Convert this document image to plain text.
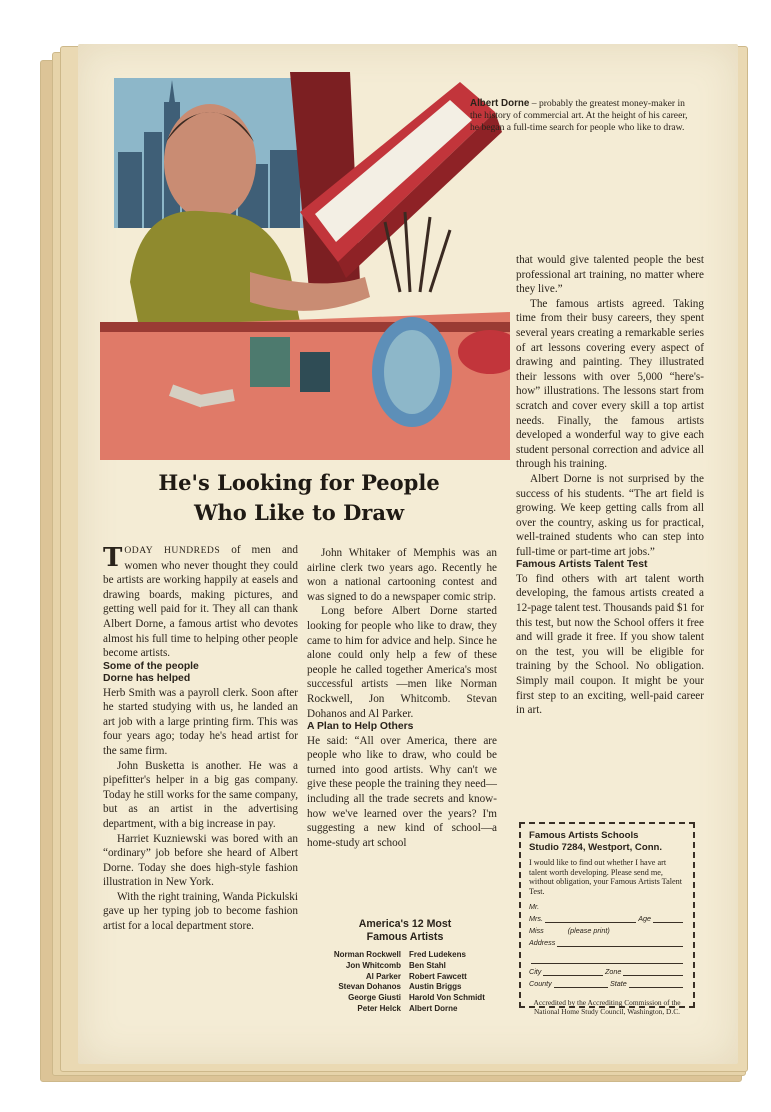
Albert Dorne – probably the greatest money-maker in the history of commercial art. At the height of his career, he began a full-time search for people who like to draw.

He's Looking for People
Who Like to Draw

TODAY HUNDREDS of men and women who never thought they could be artists are working happily at easels and drawing boards, making pictures, and getting well paid for it. They all can thank Albert Dorne, a famous artist who devotes almost his full time to helping other people become artists.

Some of the people
Dorne has helped

Herb Smith was a payroll clerk. Soon after he started studying with us, he landed an art job with a large printing firm. This was four years ago; today he's head artist for the same firm.

John Busketta is another. He was a pipefitter's helper in a big gas company. Today he still works for the same company, but as an artist in the advertising department, with a big increase in pay.

Harriet Kuzniewski was bored with an “ordinary” job before she heard of Albert Dorne. Today she does high-style fashion illustration in New York.

With the right training, Wanda Pickulski gave up her typing job to become fashion artist for a local department store.

John Whitaker of Memphis was an airline clerk two years ago. Recently he won a national cartooning contest and was signed to do a newspaper comic strip.

Long before Albert Dorne started looking for people who like to draw, they came to him for advice and help. Since he alone could only help a few of these people he called together America's most successful artists —men like Norman Rockwell, Jon Whitcomb. Stevan Dohanos and Al Parker.

A Plan to Help Others

He said: “All over America, there are people who like to draw, who could be turned into good artists. Why can't we give these people the training they need—including all the trade secrets and know-how we've learned over the years? I'm suggesting a new kind of school—a home-study art school

that would give talented people the best professional art training, no matter where they live.”

The famous artists agreed. Taking time from their busy careers, they spent several years creating a remarkable series of art lessons covering every aspect of drawing and painting. They illustrated their lessons with over 5,000 “here's-how” illustrations. The lessons start from scratch and cover every skill a top artist needs. Finally, the famous artists developed a wonderful way to give each student personal correction and advice all through his training.

Albert Dorne is not surprised by the success of his students. “The art field is growing. We keep getting calls from all over the country, asking us for practical, well-trained students who can step into full-time or part-time art jobs.”

Famous Artists Talent Test

To find others with art talent worth developing, the famous artists created a 12-page talent test. Thousands paid $1 for this test, but now the School offers it free and will grade it free. If you show talent on the test, you will be eligible for training by the School. No obligation. Simply mail coupon. It might be your first step to an exciting, well-paid career in art.

America's 12 Most
Famous Artists
Norman Rockwell Fred Ludekens
Jon Whitcomb Ben Stahl
Al Parker Robert Fawcett
Stevan Dohanos Austin Briggs
George Giusti Harold Von Schmidt
Peter Helck Albert Dorne
Famous Artists Schools
Studio 7284, Westport, Conn.
I would like to find out whether I have art talent worth developing. Please send me, without obligation, your Famous Artists Talent Test.
Mr.
Mrs.	Age
Miss	(please print)
Address
City	Zone
County	State
Accredited by the Accrediting Commission of the National Home Study Council, Washington, D.C.
